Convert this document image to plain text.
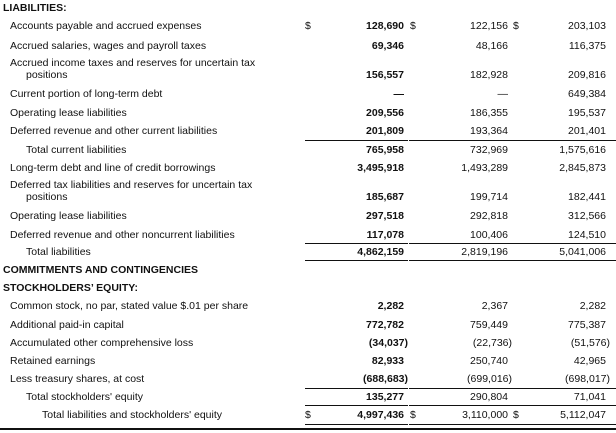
LIABILITIES:
Accounts payable and accrued expenses	$	128,690 $	122,156 $	203,103
Accrued salaries, wages and payroll taxes	69,346	48,166	116,375
Accrued income taxes and reserves for uncertain tax
positions	156,557	182,928	209,816
Current portion of long-term debt	—	—	649,384
Operating lease liabilities	209,556	186,355	195,537
Deferred revenue and other current liabilities	201,809	193,364	201,401
Total current liabilities	765,958	732,969	1,575,616
Long-term debt and line of credit borrowings	3,495,918	1,493,289	2,845,873
Deferred tax liabilities and reserves for uncertain tax
positions	185,687	199,714	182,441
Operating lease liabilities	297,518	292,818	312,566
Deferred revenue and other noncurrent liabilities	117,078	100,406	124,510
Total liabilities	4,862,159	2,819,196	5,041,006
COMMITMENTS AND CONTINGENCIES
STOCKHOLDERS’ EQUITY:
Common stock, no par, stated value $.01 per share	2,282	2,367	2,282
Additional paid-in capital	772,782	759,449	775,387
Accumulated other comprehensive loss	(34,037)	(22,736)	(51,576)
Retained earnings	82,933	250,740	42,965
Less treasury shares, at cost	(688,683)	(699,016)	(698,017)
Total stockholders' equity	135,277	290,804	71,041
Total liabilities and stockholders' equity	$	4,997,436 $	3,110,000 $	5,112,047
